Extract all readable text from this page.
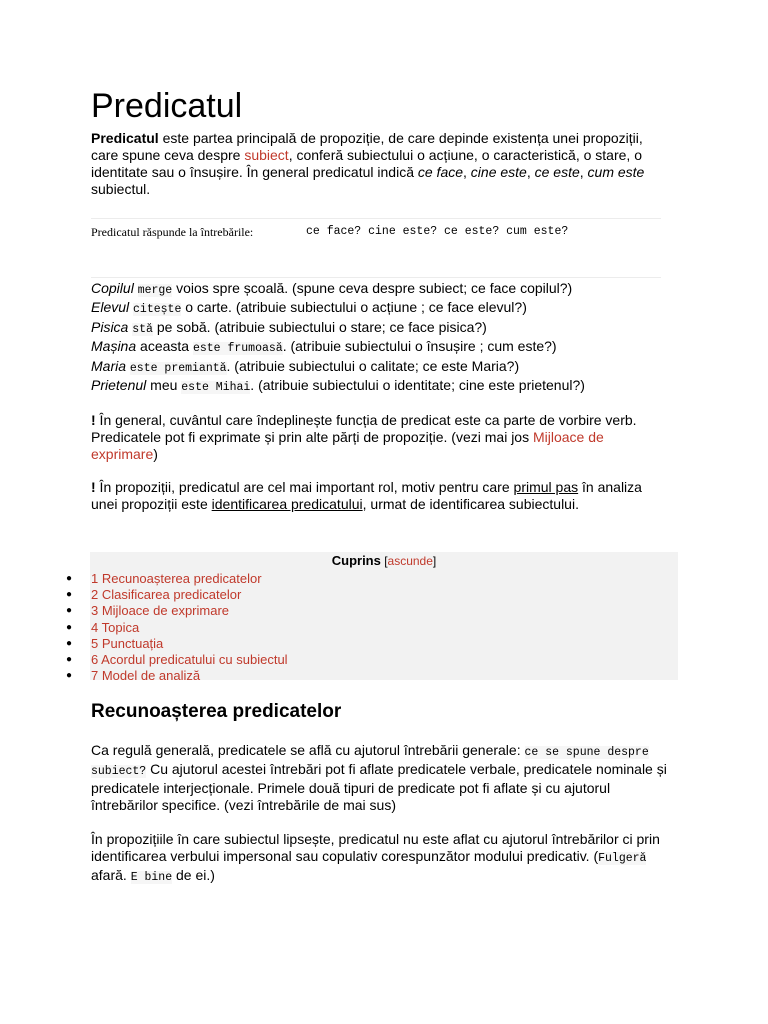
Predicatul

Predicatul este partea principală de propoziție, de care depinde existența unei propoziții, care spune ceva despre subiect, conferă subiectului o acțiune, o caracteristică, o stare, o identitate sau o însușire. În general predicatul indică ce face, cine este, ce este, cum este subiectul.

Predicatul răspunde la întrebările:	ce face? cine este? ce este? cum este?

Copilul merge voios spre școală. (spune ceva despre subiect; ce face copilul?)

Elevul citește o carte. (atribuie subiectului o acțiune ; ce face elevul?)

Pisica stă pe sobă. (atribuie subiectului o stare; ce face pisica?)

Mașina aceasta este frumoasă. (atribuie subiectului o însușire ; cum este?)

Maria este premiantă. (atribuie subiectului o calitate; ce este Maria?)

Prietenul meu este Mihai. (atribuie subiectului o identitate; cine este prietenul?)

! În general, cuvântul care îndeplinește funcția de predicat este ca parte de vorbire verb. Predicatele pot fi exprimate și prin alte părți de propoziție. (vezi mai jos Mijloace de exprimare)

! În propoziții, predicatul are cel mai important rol, motiv pentru care primul pas în analiza unei propoziții este identificarea predicatului, urmat de identificarea subiectului.

Cuprins [ascunde]
● 1 Recunoașterea predicatelor
● 2 Clasificarea predicatelor
● 3 Mijloace de exprimare
● 4 Topica
● 5 Punctuația
● 6 Acordul predicatului cu subiectul
● 7 Model de analiză
Recunoașterea predicatelor

Ca regulă generală, predicatele se află cu ajutorul întrebării generale: ce se spune despre subiect? Cu ajutorul acestei întrebări pot fi aflate predicatele verbale, predicatele nominale și predicatele interjecționale. Primele două tipuri de predicate pot fi aflate și cu ajutorul întrebărilor specifice. (vezi întrebările de mai sus)

În propozițiile în care subiectul lipsește, predicatul nu este aflat cu ajutorul întrebărilor ci prin identificarea verbului impersonal sau copulativ corespunzător modului predicativ. (Fulgeră afară. E bine de ei.)
